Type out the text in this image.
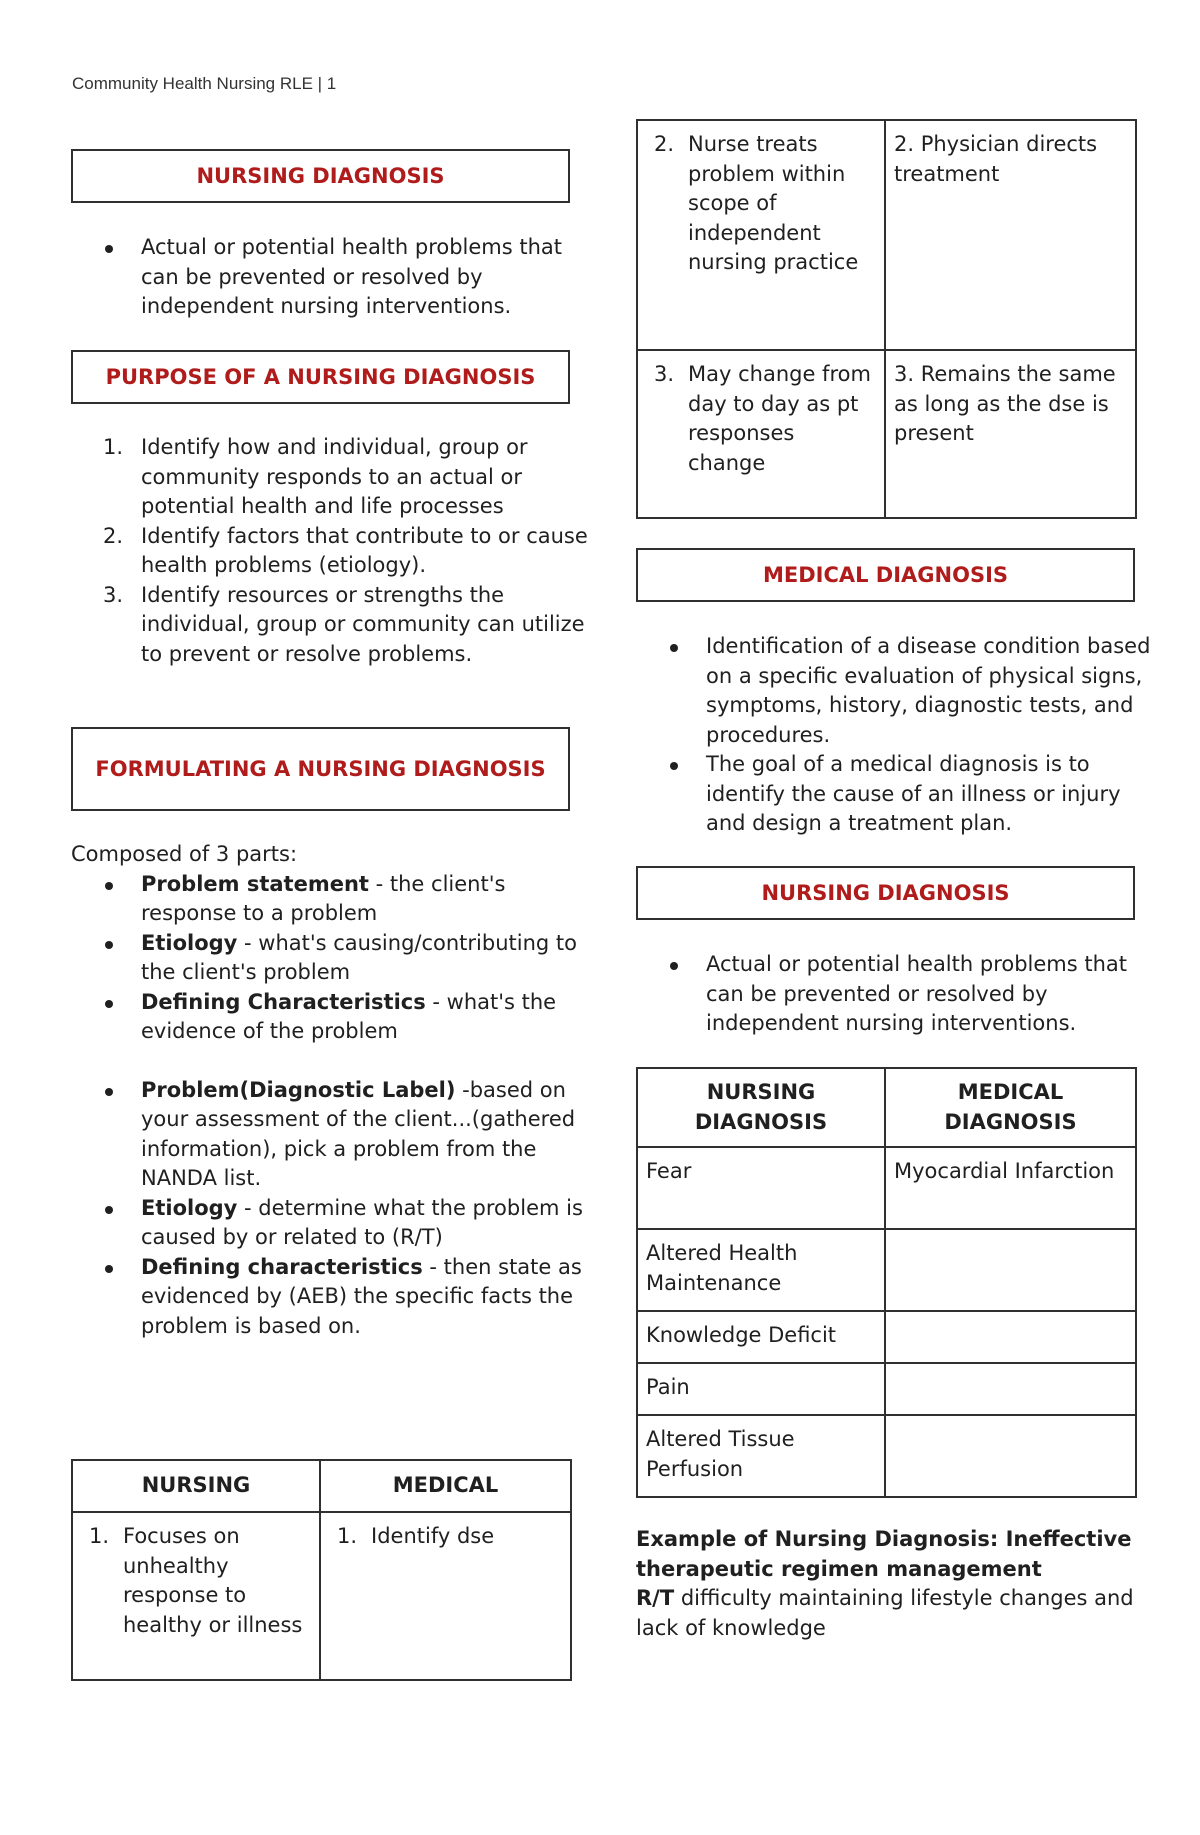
Community Health Nursing RLE | 1
NURSING DIAGNOSIS
Actual or potential health problems that can be prevented or resolved by independent nursing interventions.
PURPOSE OF A NURSING DIAGNOSIS
1. Identify how and individual, group or community responds to an actual or potential health and life processes
2. Identify factors that contribute to or cause health problems (etiology).
3. Identify resources or strengths the individual, group or community can utilize to prevent or resolve problems.
FORMULATING A NURSING DIAGNOSIS
Composed of 3 parts:
Problem statement - the client's response to a problem
Etiology - what's causing/contributing to the client's problem
Defining Characteristics - what's the evidence of the problem
Problem(Diagnostic Label) -based on your assessment of the client...(gathered information), pick a problem from the NANDA list.
Etiology - determine what the problem is caused by or related to (R/T)
Defining characteristics - then state as evidenced by (AEB) the specific facts the problem is based on.
NURSING	MEDICAL

1. Focuses on unhealthy response to healthy or illness	1. Identify dse
2. Nurse treats problem within scope of independent nursing practice	2. Physician directs treatment

3. May change from day to day as pt responses change	3. Remains the same as long as the dse is present
MEDICAL DIAGNOSIS
Identification of a disease condition based on a specific evaluation of physical signs, symptoms, history, diagnostic tests, and procedures.
The goal of a medical diagnosis is to identify the cause of an illness or injury and design a treatment plan.
NURSING DIAGNOSIS
Actual or potential health problems that can be prevented or resolved by independent nursing interventions.
NURSING DIAGNOSIS	MEDICAL DIAGNOSIS
Fear	Myocardial Infarction
Altered Health Maintenance	
Knowledge Deficit	
Pain	
Altered Tissue Perfusion	
Example of Nursing Diagnosis: Ineffective therapeutic regimen management
R/T difficulty maintaining lifestyle changes and lack of knowledge
